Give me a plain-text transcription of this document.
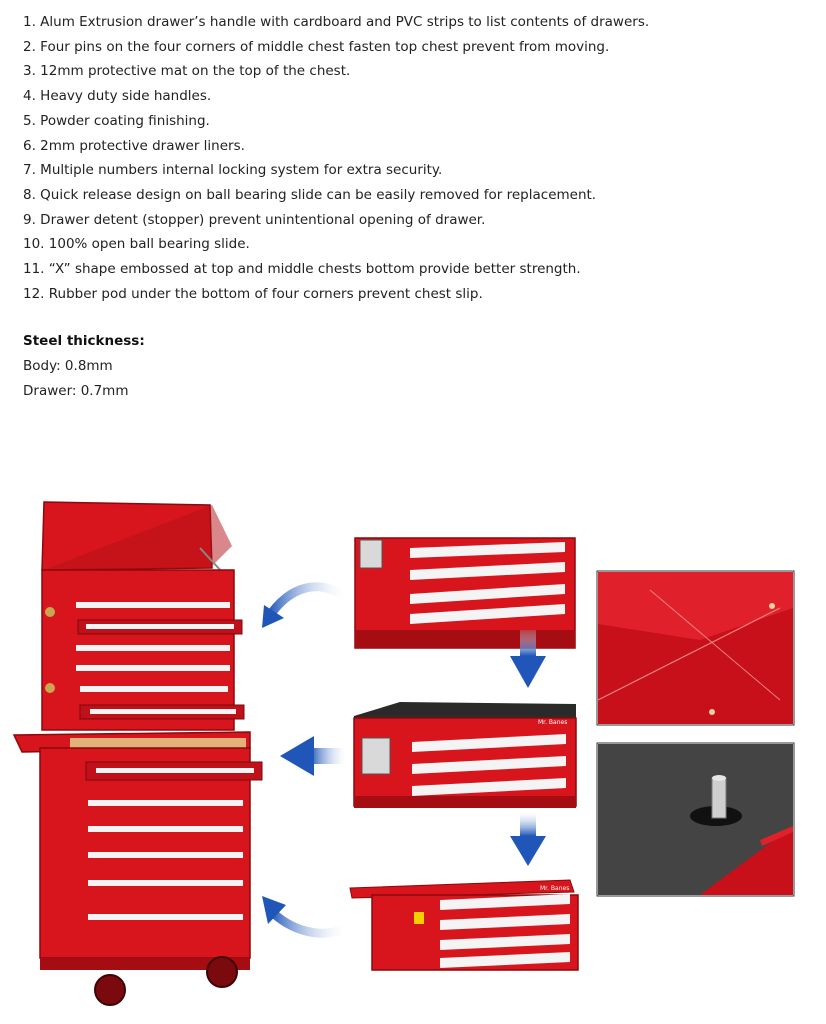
1. Alum Extrusion drawer’s handle with cardboard and PVC strips to list contents of drawers.
2. Four pins on the four corners of middle chest fasten top chest prevent from moving.
3. 12mm protective mat on the top of the chest.
4. Heavy duty side handles.
5. Powder coating finishing.
6. 2mm protective drawer liners.
7. Multiple numbers internal locking system for extra security.
8. Quick release design on ball bearing slide can be easily removed for replacement.
9. Drawer detent (stopper) prevent unintentional opening of drawer.
10. 100% open ball bearing slide.
11. “X” shape embossed at top and middle chests bottom provide better strength.
12. Rubber pod under the bottom of four corners prevent chest slip.
Steel thickness:
Body: 0.8mm
Drawer: 0.7mm
Mr. Banes
Mr. Banes
